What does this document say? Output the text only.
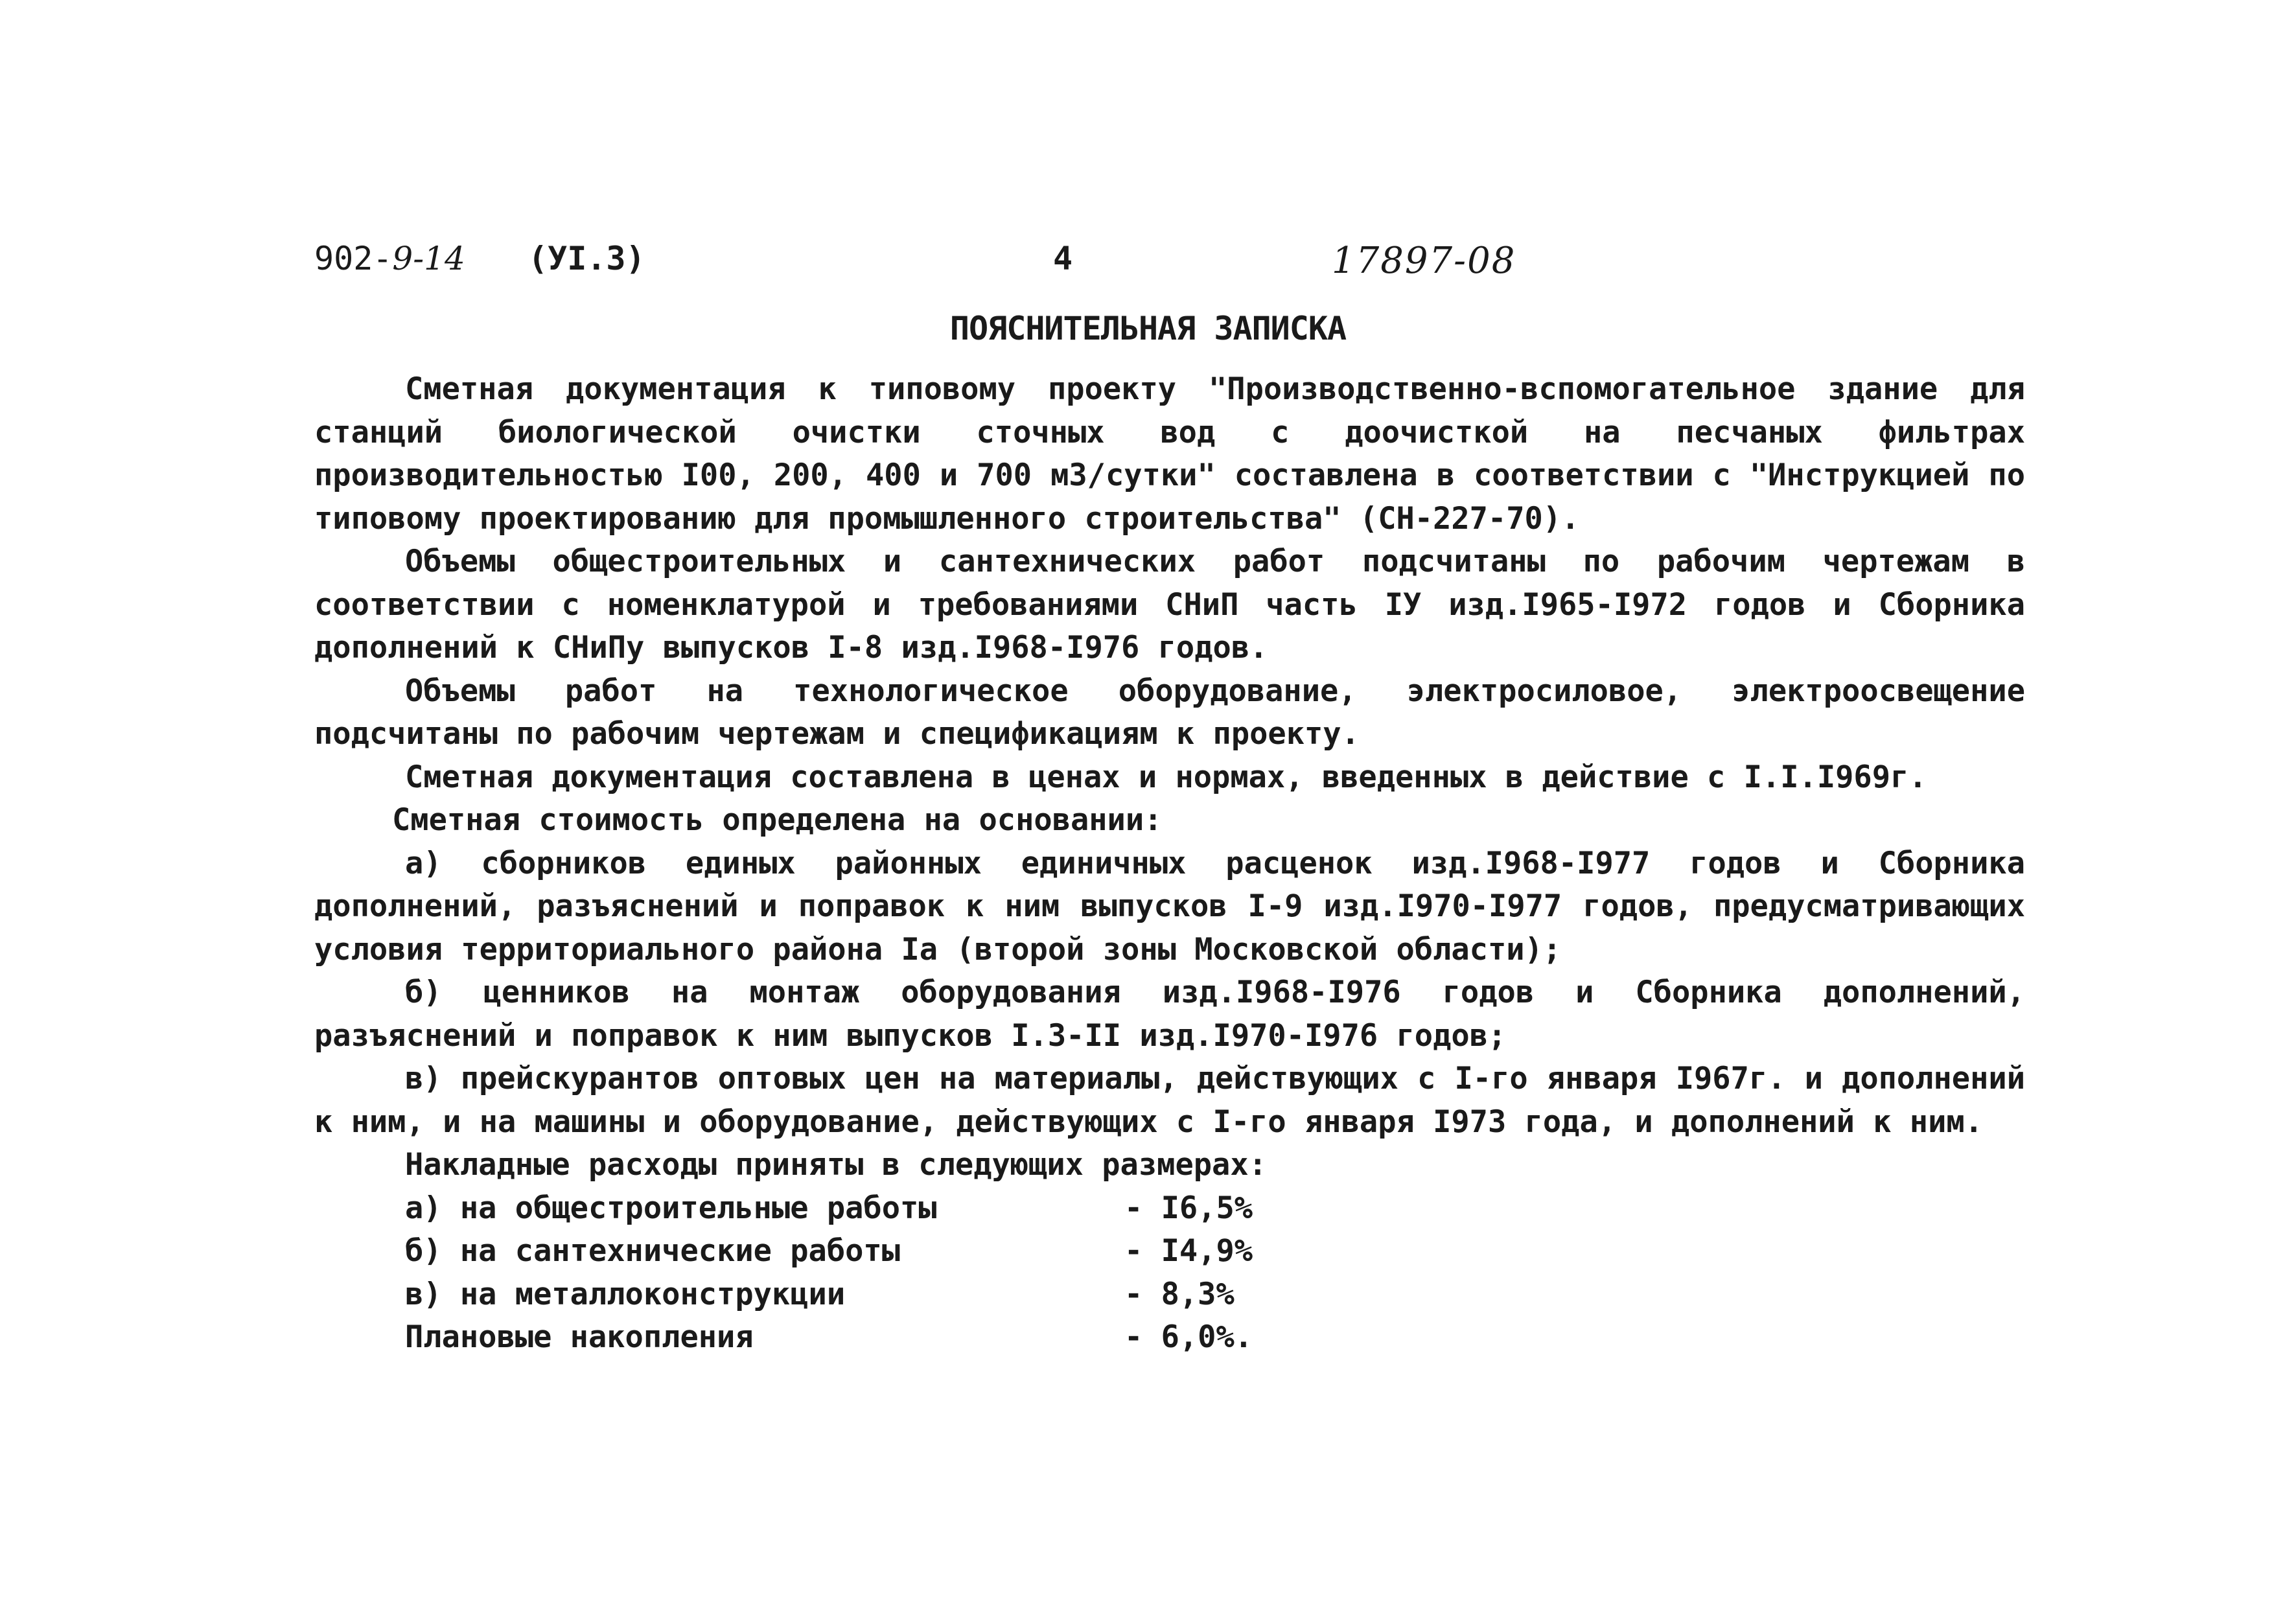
902-9-14 (УI.3)	4	17897-08
ПОЯСНИТЕЛЬНАЯ ЗАПИСКА

Сметная документация к типовому проекту "Производственно-вспомогательное здание для станций биологической очистки сточных вод с доочисткой на песчаных фильтрах производительностью I00, 200, 400 и 700 м3/сутки" составлена в соответствии с "Инструкцией по типовому проектированию для промышленного строительства" (СН-227-70).

Объемы общестроительных и сантехнических работ подсчитаны по рабочим чертежам в соответствии с номенклатурой и требованиями СНиП часть IУ изд.I965-I972 годов и Сборника дополнений к СНиПу выпусков I-8 изд.I968-I976 годов.

Объемы работ на технологическое оборудование, электросиловое, электроосвещение подсчитаны по рабочим чертежам и спецификациям к проекту.

Сметная документация составлена в ценах и нормах, введенных в действие с I.I.I969г.

Сметная стоимость определена на основании:

а) сборников единых районных единичных расценок изд.I968-I977 годов и Сборника дополнений, разъяснений и поправок к ним выпусков I-9 изд.I970-I977 годов, предусматривающих условия территориального района Iа (второй зоны Московской области);

б) ценников на монтаж оборудования изд.I968-I976 годов и Сборника дополнений, разъяснений и поправок к ним выпусков I.3-II изд.I970-I976 годов;

в) прейскурантов оптовых цен на материалы, действующих с I-го января I967г. и дополнений к ним, и на машины и оборудование, действующих с I-го января I973 года, и дополнений к ним.

Накладные расходы приняты в следующих размерах:

а) на общестроительные работы	- I6,5%
б) на сантехнические работы	- I4,9%
в) на металлоконструкции	- 8,3%
Плановые накопления	- 6,0%.
